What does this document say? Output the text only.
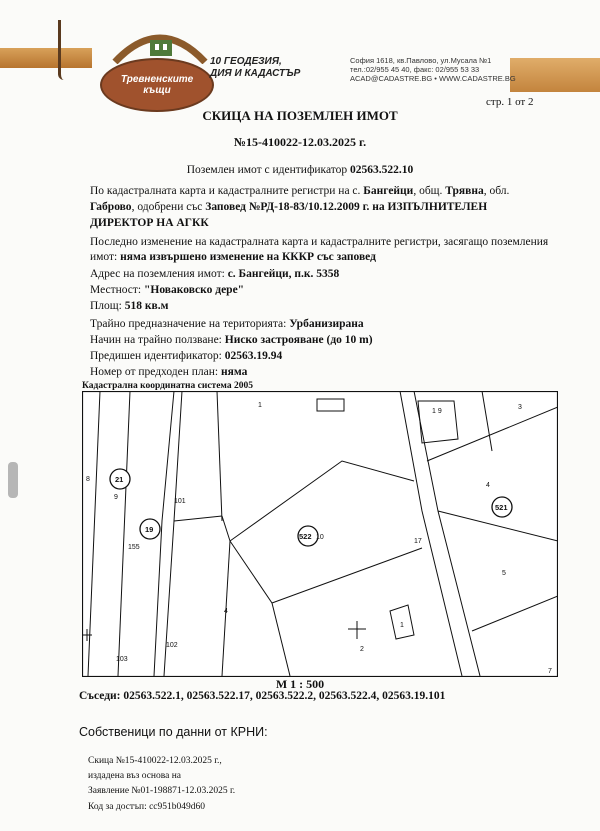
Тревненските
къщи
10 ГЕОДЕЗИЯ,
ДИЯ И КАДАСТЪР
София 1618, кв.Павлово, ул.Мусала №1
тел.:02/955 45 40, факс: 02/955 53 33
ACAD@CADASTRE.BG • WWW.CADASTRE.BG
стр. 1 от 2
СКИЦА НА ПОЗЕМЛЕН ИМОТ
№15-410022-12.03.2025 г.
Поземлен имот с идентификатор 02563.522.10
По кадастралната карта и кадастралните регистри на с. Бангейци, общ. Трявна, обл.
Габрово, одобрени със Заповед №РД-18-83/10.12.2009 г. на ИЗПЪЛНИТЕЛЕН
ДИРЕКТОР НА АГКК
Последно изменение на кадастралната карта и кадастралните регистри, засягащо поземления
имот: няма извършено изменение на КККР със заповед
Адрес на поземления имот: с. Бангейци, п.к. 5358
Местност: "Новаковско дере"
Площ: 518 кв.м
Трайно предназначение на територията: Урбанизирана
Начин на трайно ползване: Ниско застрояване (до 10 m)
Предишен идентификатор: 02563.19.94
Номер от предходен план: няма
Кадастрална координатна система 2005
1
1 9
3
8	21
9
101
19
155
4
521
522 10
17
5
4
1
2
102
103
7
М 1 : 500
Съседи: 02563.522.1, 02563.522.17, 02563.522.2, 02563.522.4, 02563.19.101
Собственици по данни от КРНИ:
Скица №15-410022-12.03.2025 г.,
издадена въз основа на
Заявление №01-198871-12.03.2025 г.
Код за достъп: cc951b049d60
